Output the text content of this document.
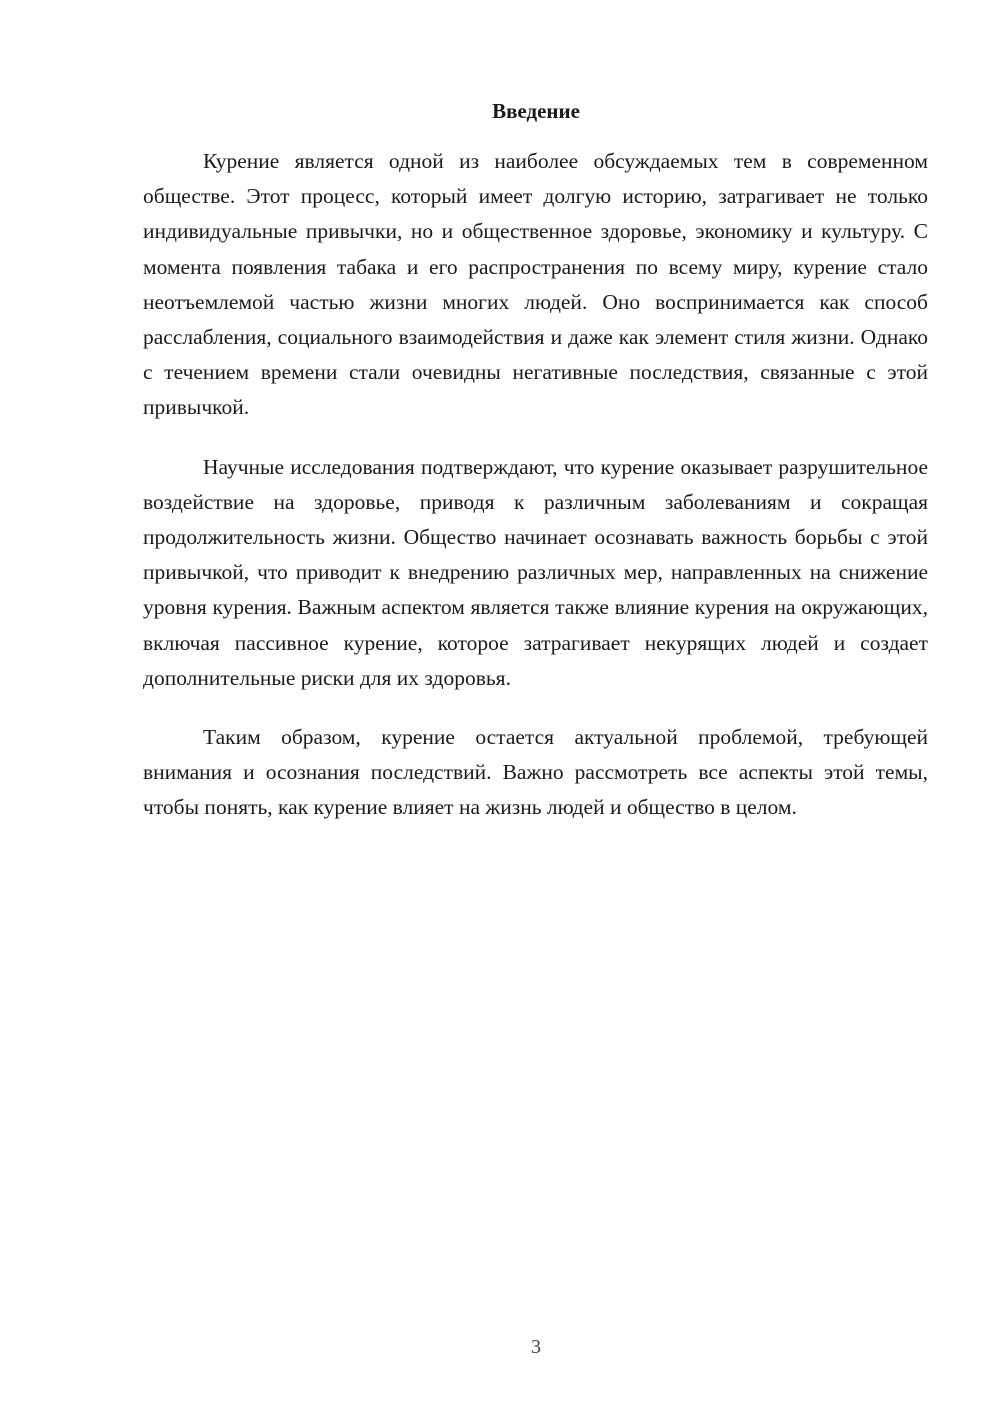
Введение

Курение является одной из наиболее обсуждаемых тем в современном обществе. Этот процесс, который имеет долгую историю, затрагивает не только индивидуальные привычки, но и общественное здоровье, экономику и культуру. С момента появления табака и его распространения по всему миру, курение стало неотъемлемой частью жизни многих людей. Оно воспринимается как способ расслабления, социального взаимодействия и даже как элемент стиля жизни. Однако с течением времени стали очевидны негативные последствия, связанные с этой привычкой.

Научные исследования подтверждают, что курение оказывает разрушительное воздействие на здоровье, приводя к различным заболеваниям и сокращая продолжительность жизни. Общество начинает осознавать важность борьбы с этой привычкой, что приводит к внедрению различных мер, направленных на снижение уровня курения. Важным аспектом является также влияние курения на окружающих, включая пассивное курение, которое затрагивает некурящих людей и создает дополнительные риски для их здоровья.

Таким образом, курение остается актуальной проблемой, требующей внимания и осознания последствий. Важно рассмотреть все аспекты этой темы, чтобы понять, как курение влияет на жизнь людей и общество в целом.

3
